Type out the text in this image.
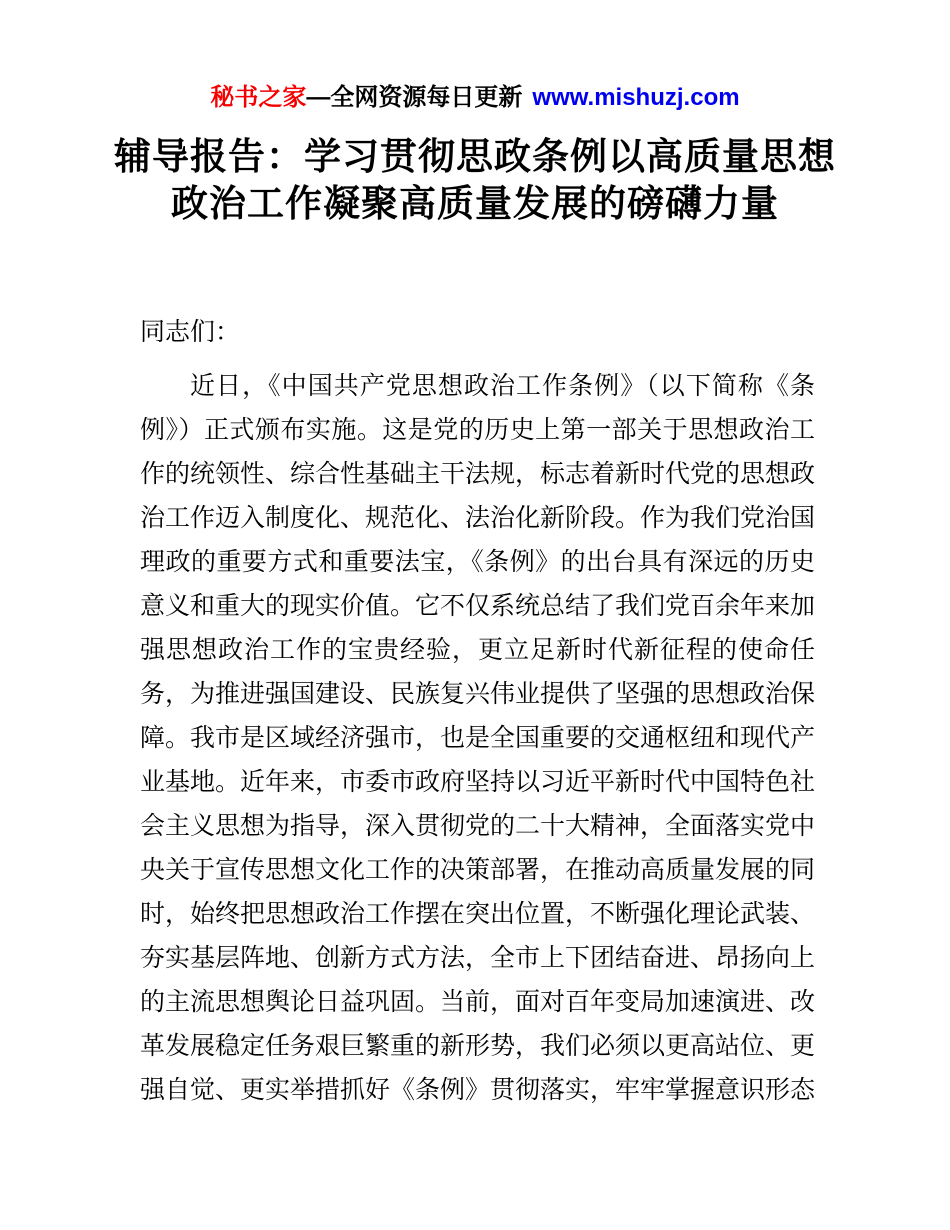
秘书之家—全网资源每日更新 www.mishuzj.com
辅导报告：学习贯彻思政条例以高质量思想
政治工作凝聚高质量发展的磅礴力量

同志们：

近日，《中国共产党思想政治工作条例》（以下简称《条例》）正式颁布实施。这是党的历史上第一部关于思想政治工作的统领性、综合性基础主干法规，标志着新时代党的思想政治工作迈入制度化、规范化、法治化新阶段。作为我们党治国理政的重要方式和重要法宝，《条例》的出台具有深远的历史意义和重大的现实价值。它不仅系统总结了我们党百余年来加强思想政治工作的宝贵经验，更立足新时代新征程的使命任务，为推进强国建设、民族复兴伟业提供了坚强的思想政治保障。我市是区域经济强市，也是全国重要的交通枢纽和现代产业基地。近年来，市委市政府坚持以习近平新时代中国特色社会主义思想为指导，深入贯彻党的二十大精神，全面落实党中央关于宣传思想文化工作的决策部署，在推动高质量发展的同时，始终把思想政治工作摆在突出位置，不断强化理论武装、夯实基层阵地、创新方式方法，全市上下团结奋进、昂扬向上的主流思想舆论日益巩固。当前，面对百年变局加速演进、改革发展稳定任务艰巨繁重的新形势，我们必须以更高站位、更强自觉、更实举措抓好《条例》贯彻落实，牢牢掌握意识形态
